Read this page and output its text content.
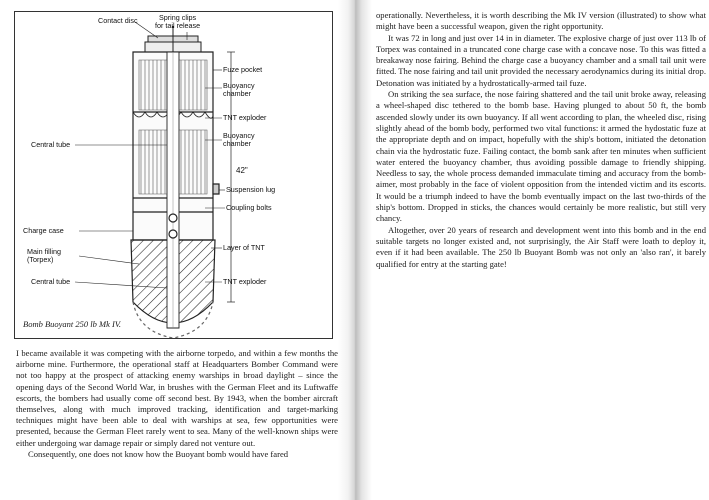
Contact disc	Spring clips
for tail release
Fuze pocket
Buoyancy
chamber
TNT exploder
Central tube
Buoyancy
chamber
Suspension lug
Coupling bolts
42"
Charge case
Layer of TNT
Main filling
(Torpex)
TNT exploder
Central tube
Bomb Buoyant 250 lb Mk IV.

I became available it was competing with the airborne torpedo, and within a few months the airborne mine. Furthermore, the operational staff at Headquarters Bomber Command were not too happy at the prospect of attacking enemy warships in broad daylight – since the opening days of the Second World War, in brushes with the German Fleet and its Luftwaffe escorts, the bombers had usually come off second best. By 1943, when the bomber aircraft themselves, along with much improved tracking, identification and target-marking techniques might have been able to deal with warships at sea, few opportunities were presented, because the German Fleet rarely went to sea. Many of the well-known ships were either undergoing war damage repair or simply dared not venture out.

Consequently, one does not know how the Buoyant bomb would have fared

operationally. Nevertheless, it is worth describing the Mk IV version (illustrated) to show what might have been a successful weapon, given the right opportunity.

It was 72 in long and just over 14 in in diameter. The explosive charge of just over 113 lb of Torpex was contained in a truncated cone charge case with a concave nose. To this was fitted a breakaway nose fairing. Behind the charge case a buoyancy chamber and a small tail unit were fitted. The nose fairing and tail unit provided the necessary aerodynamics during its initial drop. Detonation was initiated by a hydrostatically-armed tail fuze.

On striking the sea surface, the nose fairing shattered and the tail unit broke away, releasing a wheel-shaped disc tethered to the bomb base. Having plunged to about 50 ft, the bomb ascended slowly under its own buoyancy. If all went according to plan, the wheeled disc, rising slightly ahead of the bomb body, performed two vital functions: it armed the hydostatic fuze at the appropriate depth and on impact, hopefully with the ship's bottom, initiated the detonation chain via the hydrostatic fuze. Failing contact, the bomb sank after ten minutes when sufficient water entered the buoyancy chamber, thus avoiding possible damage to friendly shipping. Needless to say, the whole process demanded immaculate timing and accuracy from the bomb-aimer, most probably in the face of violent opposition from the intended victim and its escorts. It would be a triumph indeed to have the bomb eventually impact on the last two-thirds of the ship's bottom. Dropped in sticks, the chances would certainly be more realistic, but still very chancy.

Altogether, over 20 years of research and development went into this bomb and in the end suitable targets no longer existed and, not surprisingly, the Air Staff were loath to deploy it, even if it had been available. The 250 lb Buoyant Bomb was not only an 'also ran', it barely qualified for entry at the starting gate!
